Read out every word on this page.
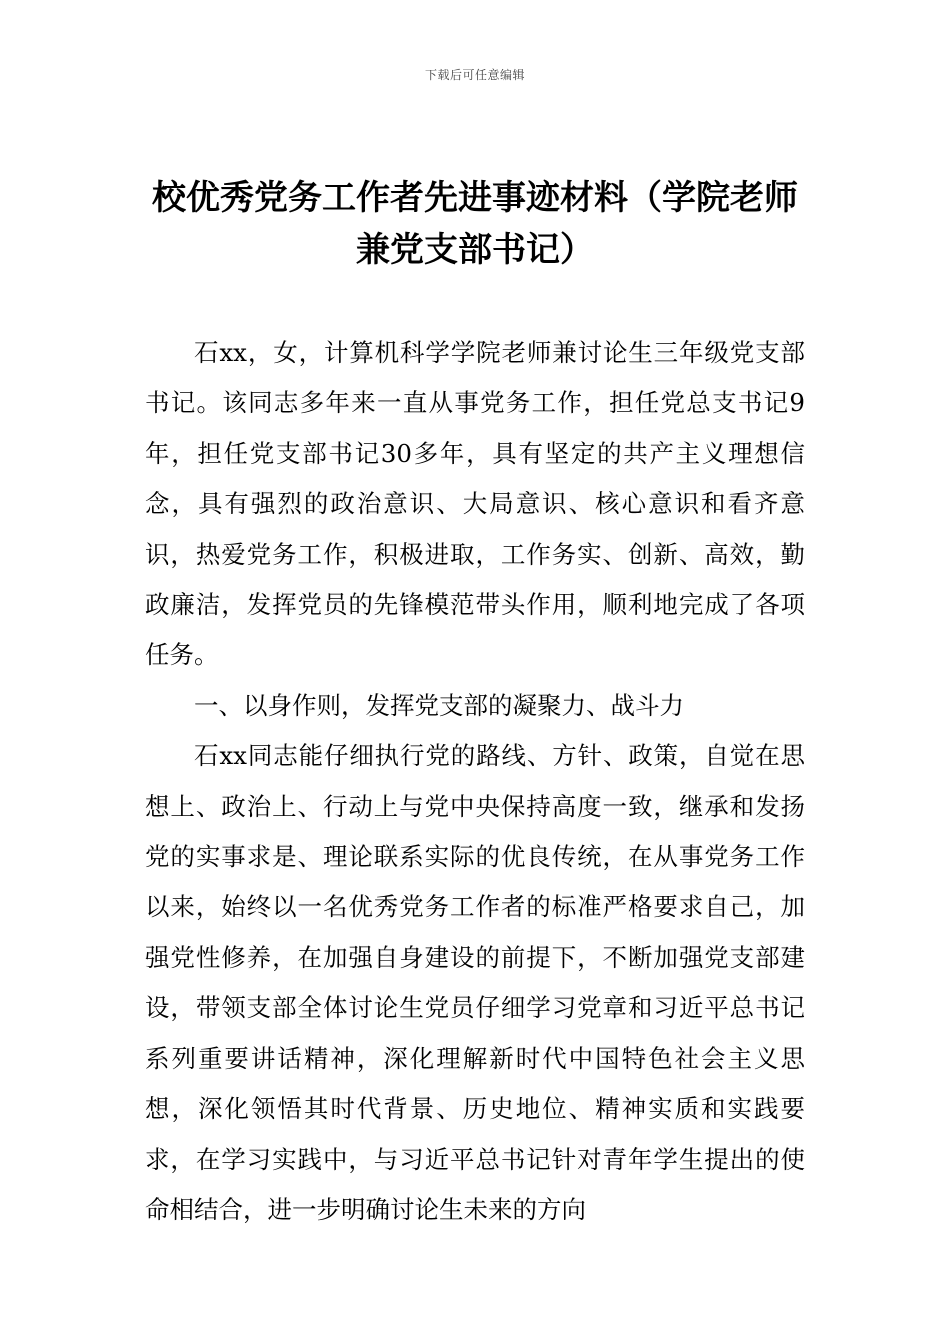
下载后可任意编辑
校优秀党务工作者先进事迹材料（学院老师兼党支部书记）

石xx，女，计算机科学学院老师兼讨论生三年级党支部书记。该同志多年来一直从事党务工作，担任党总支书记9年，担任党支部书记30多年，具有坚定的共产主义理想信念，具有强烈的政治意识、大局意识、核心意识和看齐意识，热爱党务工作，积极进取，工作务实、创新、高效，勤政廉洁，发挥党员的先锋模范带头作用，顺利地完成了各项任务。

一、以身作则，发挥党支部的凝聚力、战斗力

石xx同志能仔细执行党的路线、方针、政策，自觉在思想上、政治上、行动上与党中央保持高度一致，继承和发扬党的实事求是、理论联系实际的优良传统，在从事党务工作以来，始终以一名优秀党务工作者的标准严格要求自己，加强党性修养，在加强自身建设的前提下，不断加强党支部建设，带领支部全体讨论生党员仔细学习党章和习近平总书记系列重要讲话精神，深化理解新时代中国特色社会主义思想，深化领悟其时代背景、历史地位、精神实质和实践要求，在学习实践中，与习近平总书记针对青年学生提出的使命相结合，进一步明确讨论生未来的方向
